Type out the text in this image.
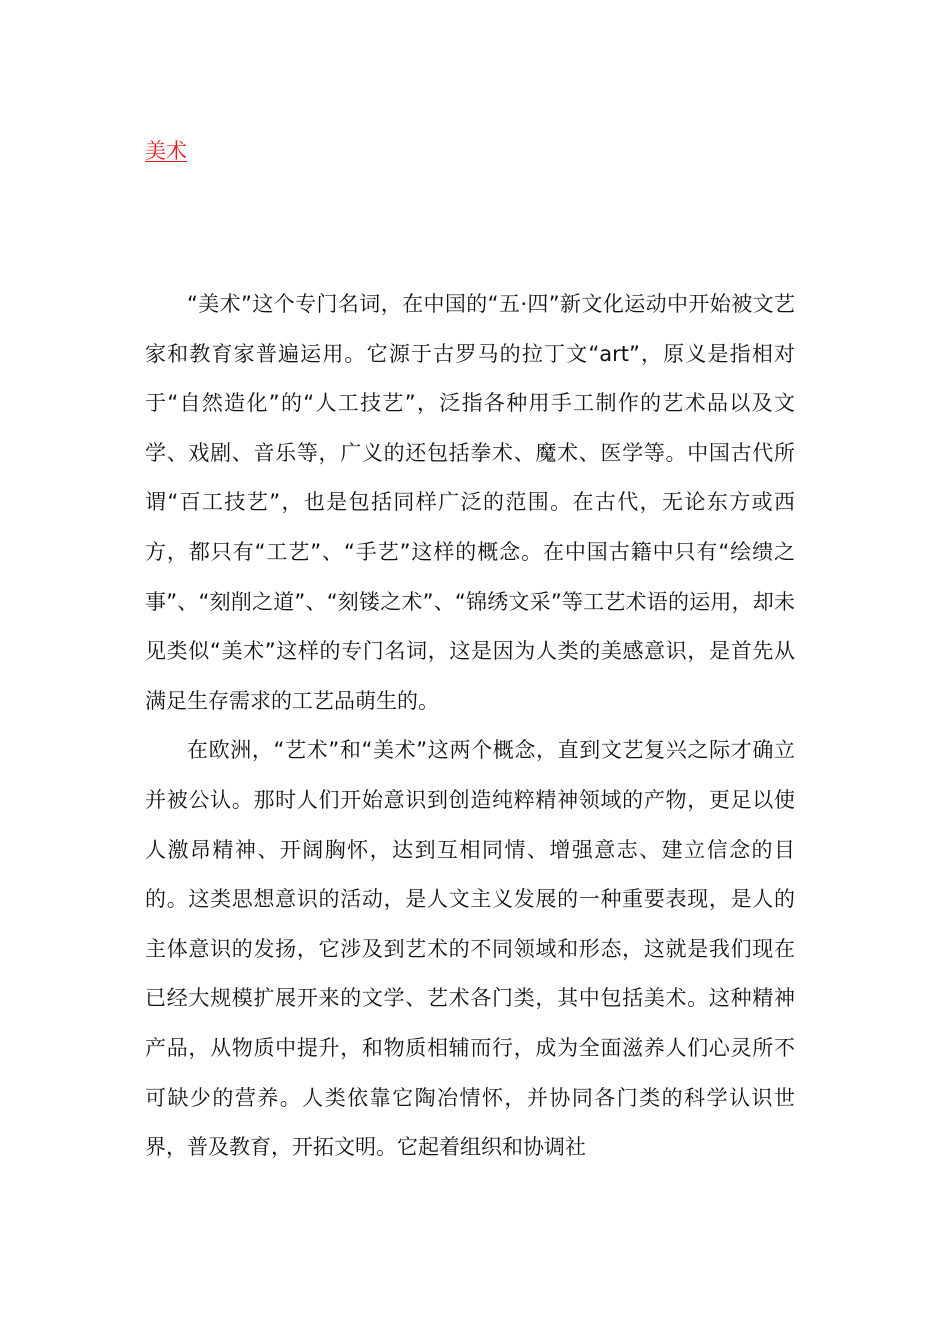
美术

“美术”这个专门名词，在中国的“五·四”新文化运动中开始被文艺家和教育家普遍运用。它源于古罗马的拉丁文“art”，原义是指相对于“自然造化”的“人工技艺”，泛指各种用手工制作的艺术品以及文学、戏剧、音乐等，广义的还包括拳术、魔术、医学等。中国古代所谓“百工技艺”，也是包括同样广泛的范围。在古代，无论东方或西方，都只有“工艺”、“手艺”这样的概念。在中国古籍中只有“绘缋之事”、“刻削之道”、“刻镂之术”、“锦绣文采”等工艺术语的运用，却未见类似“美术”这样的专门名词，这是因为人类的美感意识，是首先从满足生存需求的工艺品萌生的。

在欧洲，“艺术”和“美术”这两个概念，直到文艺复兴之际才确立并被公认。那时人们开始意识到创造纯粹精神领域的产物，更足以使人激昂精神、开阔胸怀，达到互相同情、增强意志、建立信念的目的。这类思想意识的活动，是人文主义发展的一种重要表现，是人的主体意识的发扬，它涉及到艺术的不同领域和形态，这就是我们现在已经大规模扩展开来的文学、艺术各门类，其中包括美术。这种精神产品，从物质中提升，和物质相辅而行，成为全面滋养人们心灵所不可缺少的营养。人类依靠它陶冶情怀，并协同各门类的科学认识世界，普及教育，开拓文明。它起着组织和协调社
